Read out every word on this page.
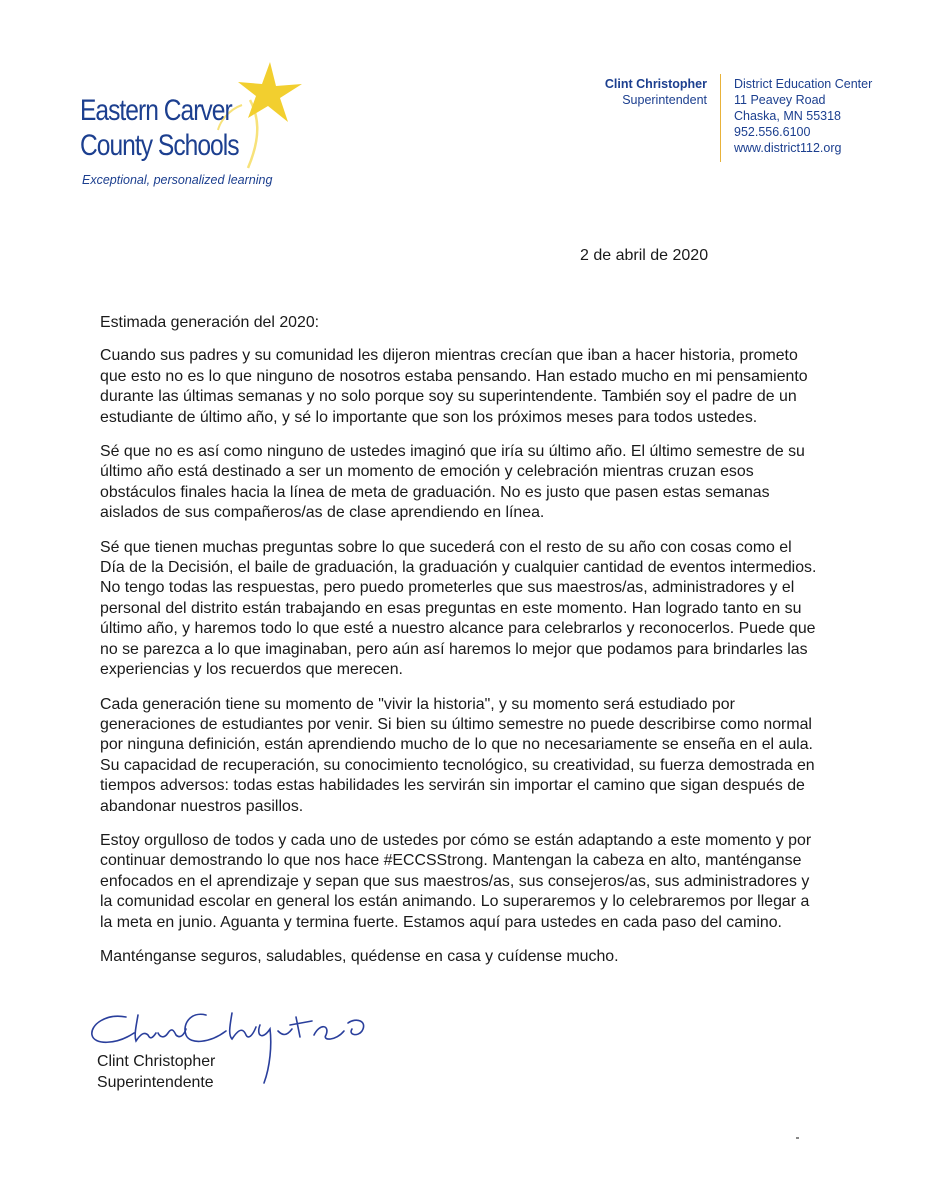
Eastern Carver
County Schools
Exceptional, personalized learning
Clint Christopher
Superintendent
District Education Center
11 Peavey Road
Chaska, MN 55318
952.556.6100
www.district112.org
2 de abril de 2020

Estimada generación del 2020:

Cuando sus padres y su comunidad les dijeron mientras crecían que iban a hacer historia, prometo que esto no es lo que ninguno de nosotros estaba pensando. Han estado mucho en mi pensamiento durante las últimas semanas y no solo porque soy su superintendente. También soy el padre de un estudiante de último año, y sé lo importante que son los próximos meses para todos ustedes.

Sé que no es así como ninguno de ustedes imaginó que iría su último año. El último semestre de su último año está destinado a ser un momento de emoción y celebración mientras cruzan esos obstáculos finales hacia la línea de meta de graduación. No es justo que pasen estas semanas aislados de sus compañeros/as de clase aprendiendo en línea.

Sé que tienen muchas preguntas sobre lo que sucederá con el resto de su año con cosas como el Día de la Decisión, el baile de graduación, la graduación y cualquier cantidad de eventos intermedios. No tengo todas las respuestas, pero puedo prometerles que sus maestros/as, administradores y el personal del distrito están trabajando en esas preguntas en este momento. Han logrado tanto en su último año, y haremos todo lo que esté a nuestro alcance para celebrarlos y reconocerlos. Puede que no se parezca a lo que imaginaban, pero aún así haremos lo mejor que podamos para brindarles las experiencias y los recuerdos que merecen.

Cada generación tiene su momento de "vivir la historia", y su momento será estudiado por generaciones de estudiantes por venir. Si bien su último semestre no puede describirse como normal por ninguna definición, están aprendiendo mucho de lo que no necesariamente se enseña en el aula. Su capacidad de recuperación, su conocimiento tecnológico, su creatividad, su fuerza demostrada en tiempos adversos: todas estas habilidades les servirán sin importar el camino que sigan después de abandonar nuestros pasillos.

Estoy orgulloso de todos y cada uno de ustedes por cómo se están adaptando a este momento y por continuar demostrando lo que nos hace #ECCSStrong. Mantengan la cabeza en alto, manténganse enfocados en el aprendizaje y sepan que sus maestros/as, sus consejeros/as, sus administradores y la comunidad escolar en general los están animando. Lo superaremos y lo celebraremos por llegar a la meta en junio. Aguanta y termina fuerte. Estamos aquí para ustedes en cada paso del camino.

Manténganse seguros, saludables, quédense en casa y cuídense mucho.

Clint Christopher
Superintendente
